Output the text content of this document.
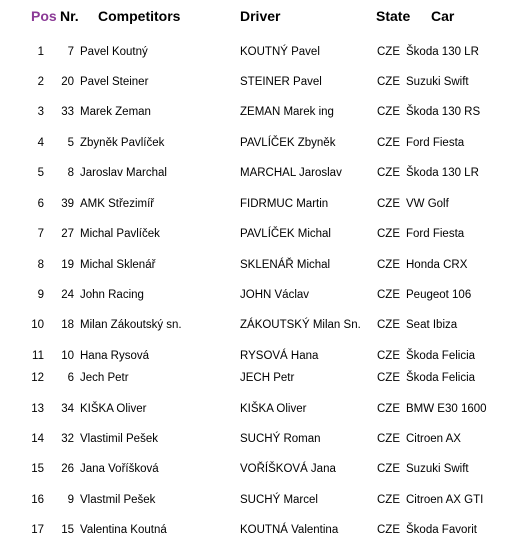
Pos Nr. Competitors	Driver	State Car
1	7 Pavel Koutný	KOUTNÝ Pavel	CZE Škoda 130 LR
2	20 Pavel Steiner	STEINER Pavel	CZE Suzuki Swift
3	33 Marek Zeman	ZEMAN Marek ing	CZE Škoda 130 RS
4	5 Zbyněk Pavlíček	PAVLÍČEK Zbyněk	CZE Ford Fiesta
5	8 Jaroslav Marchal	MARCHAL Jaroslav	CZE Škoda 130 LR
6	39 AMK Střezimíř	FIDRMUC Martin	CZE VW Golf
7	27 Michal Pavlíček	PAVLÍČEK Michal	CZE Ford Fiesta
8	19 Michal Sklenář	SKLENÁŘ Michal	CZE Honda CRX
9	24 John Racing	JOHN Václav	CZE Peugeot 106
10	18 Milan Zákoutský sn.	ZÁKOUTSKÝ Milan Sn. CZE Seat Ibiza
11	10 Hana Rysová	RYSOVÁ Hana	CZE Škoda Felicia
12	6 Jech Petr	JECH Petr	CZE Škoda Felicia
13	34 KIŠKA Oliver	KIŠKA Oliver	CZE BMW E30 1600
14	32 Vlastimil Pešek	SUCHÝ Roman	CZE Citroen AX
15	26 Jana Voříšková	VOŘÍŠKOVÁ Jana	CZE Suzuki Swift
16	9 Vlastmil Pešek	SUCHÝ Marcel	CZE Citroen AX GTI
17	15 Valentina Koutná	KOUTNÁ Valentina	CZE Škoda Favorit
